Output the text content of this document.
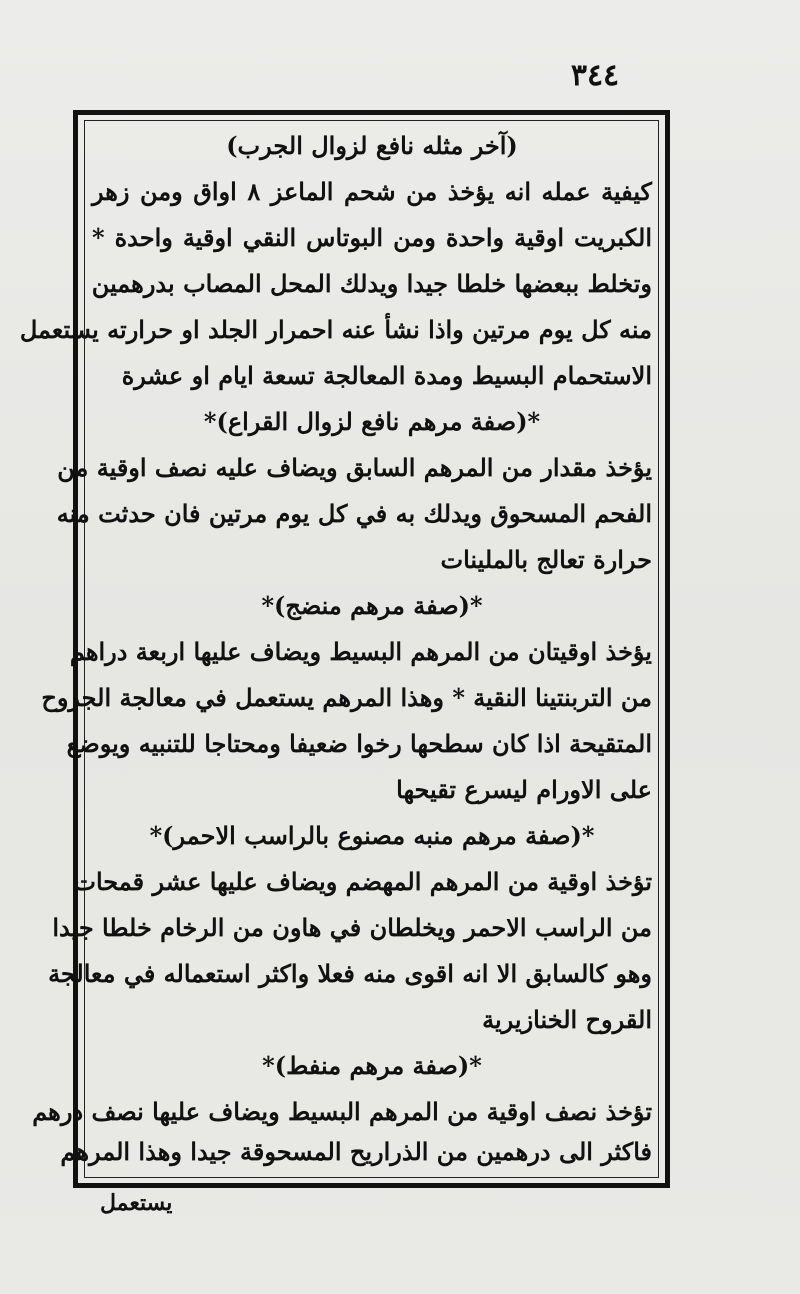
٣٤٤
(آخر مثله نافع لزوال الجرب)
كيفية عمله انه يؤخذ من شحم الماعز ٨ اواق ومن زهر
الكبريت اوقية واحدة ومن البوتاس النقي اوقية واحدة *
وتخلط ببعضها خلطا جيدا ويدلك المحل المصاب بدرهمين
منه كل يوم مرتين واذا نشأ عنه احمرار الجلد او حرارته يستعمل
الاستحمام البسيط ومدة المعالجة تسعة ايام او عشرة
*(صفة مرهم نافع لزوال القراع)*
يؤخذ مقدار من المرهم السابق ويضاف عليه نصف اوقية من
الفحم المسحوق ويدلك به في كل يوم مرتين فان حدثت منه
حرارة تعالج بالملينات
*(صفة مرهم منضج)*
يؤخذ اوقيتان من المرهم البسيط ويضاف عليها اربعة دراهم
من التربنتينا النقية * وهذا المرهم يستعمل في معالجة الجروح
المتقيحة اذا كان سطحها رخوا ضعيفا ومحتاجا للتنبيه ويوضع
على الاورام ليسرع تقيحها
*(صفة مرهم منبه مصنوع بالراسب الاحمر)*
تؤخذ اوقية من المرهم المهضم ويضاف عليها عشر قمحات
من الراسب الاحمر ويخلطان في هاون من الرخام خلطا جيدا
وهو كالسابق الا انه اقوى منه فعلا واكثر استعماله في معالجة
القروح الخنازيرية
*(صفة مرهم منفط)*
تؤخذ نصف اوقية من المرهم البسيط ويضاف عليها نصف درهم
فاكثر الى درهمين من الذراريح المسحوقة جيدا وهذا المرهم
يستعمل
